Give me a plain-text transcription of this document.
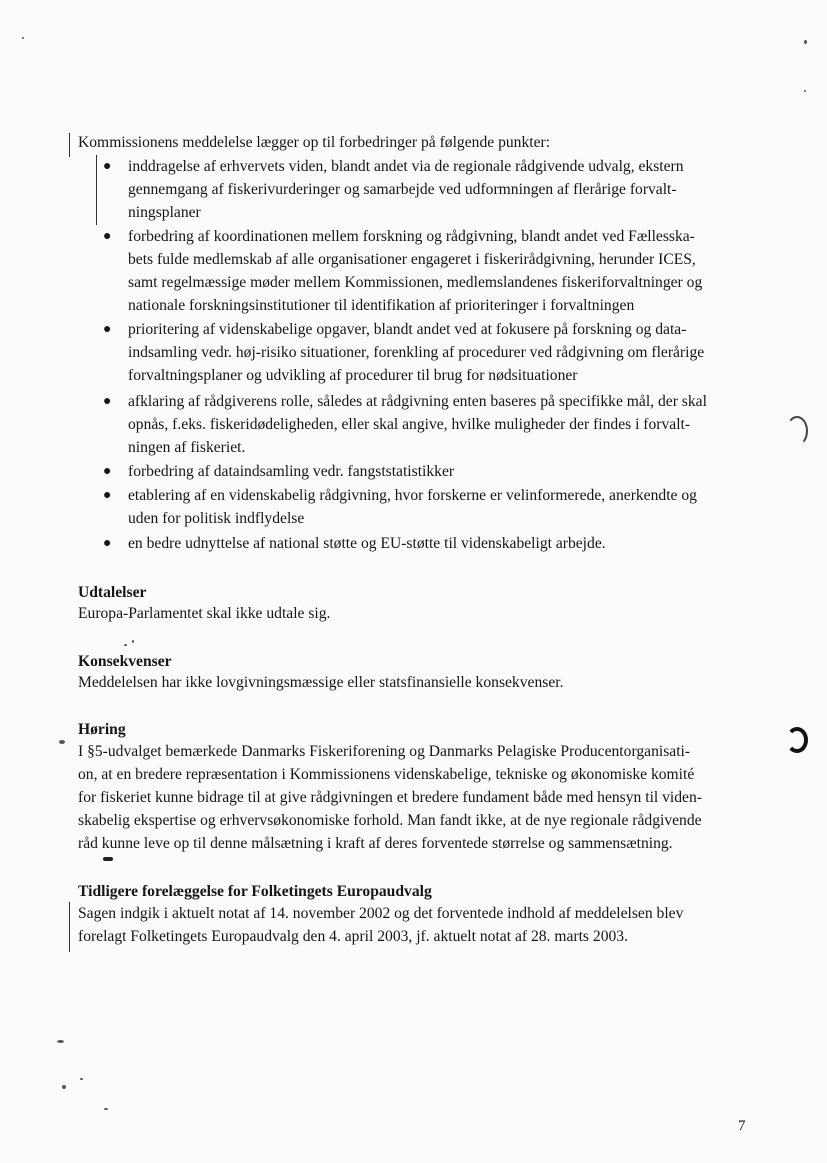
Kommissionens meddelelse lægger op til forbedringer på følgende punkter:
● inddragelse af erhvervets viden, blandt andet via de regionale rådgivende udvalg, ekstern
gennemgang af fiskerivurderinger og samarbejde ved udformningen af flerårige forvalt-
ningsplaner
● forbedring af koordinationen mellem forskning og rådgivning, blandt andet ved Fællesska-
bets fulde medlemskab af alle organisationer engageret i fiskerirådgivning, herunder ICES,
samt regelmæssige møder mellem Kommissionen, medlemslandenes fiskeriforvaltninger og
nationale forskningsinstitutioner til identifikation af prioriteringer i forvaltningen
● prioritering af videnskabelige opgaver, blandt andet ved at fokusere på forskning og data-
indsamling vedr. høj-risiko situationer, forenkling af procedurer ved rådgivning om flerårige
forvaltningsplaner og udvikling af procedurer til brug for nødsituationer
● afklaring af rådgiverens rolle, således at rådgivning enten baseres på specifikke mål, der skal
opnås, f.eks. fiskeridødeligheden, eller skal angive, hvilke muligheder der findes i forvalt-
ningen af fiskeriet.
● forbedring af dataindsamling vedr. fangststatistikker
● etablering af en videnskabelig rådgivning, hvor forskerne er velinformerede, anerkendte og
uden for politisk indflydelse
● en bedre udnyttelse af national støtte og EU-støtte til videnskabeligt arbejde.
Udtalelser
Europa-Parlamentet skal ikke udtale sig.
Konsekvenser
Meddelelsen har ikke lovgivningsmæssige eller statsfinansielle konsekvenser.
Høring
I §5-udvalget bemærkede Danmarks Fiskeriforening og Danmarks Pelagiske Producentorganisati-
on, at en bredere repræsentation i Kommissionens videnskabelige, tekniske og økonomiske komité
for fiskeriet kunne bidrage til at give rådgivningen et bredere fundament både med hensyn til viden-
skabelig ekspertise og erhvervsøkonomiske forhold. Man fandt ikke, at de nye regionale rådgivende
råd kunne leve op til denne målsætning i kraft af deres forventede størrelse og sammensætning.
Tidligere forelæggelse for Folketingets Europaudvalg
Sagen indgik i aktuelt notat af 14. november 2002 og det forventede indhold af meddelelsen blev
forelagt Folketingets Europaudvalg den 4. april 2003, jf. aktuelt notat af 28. marts 2003.
7
